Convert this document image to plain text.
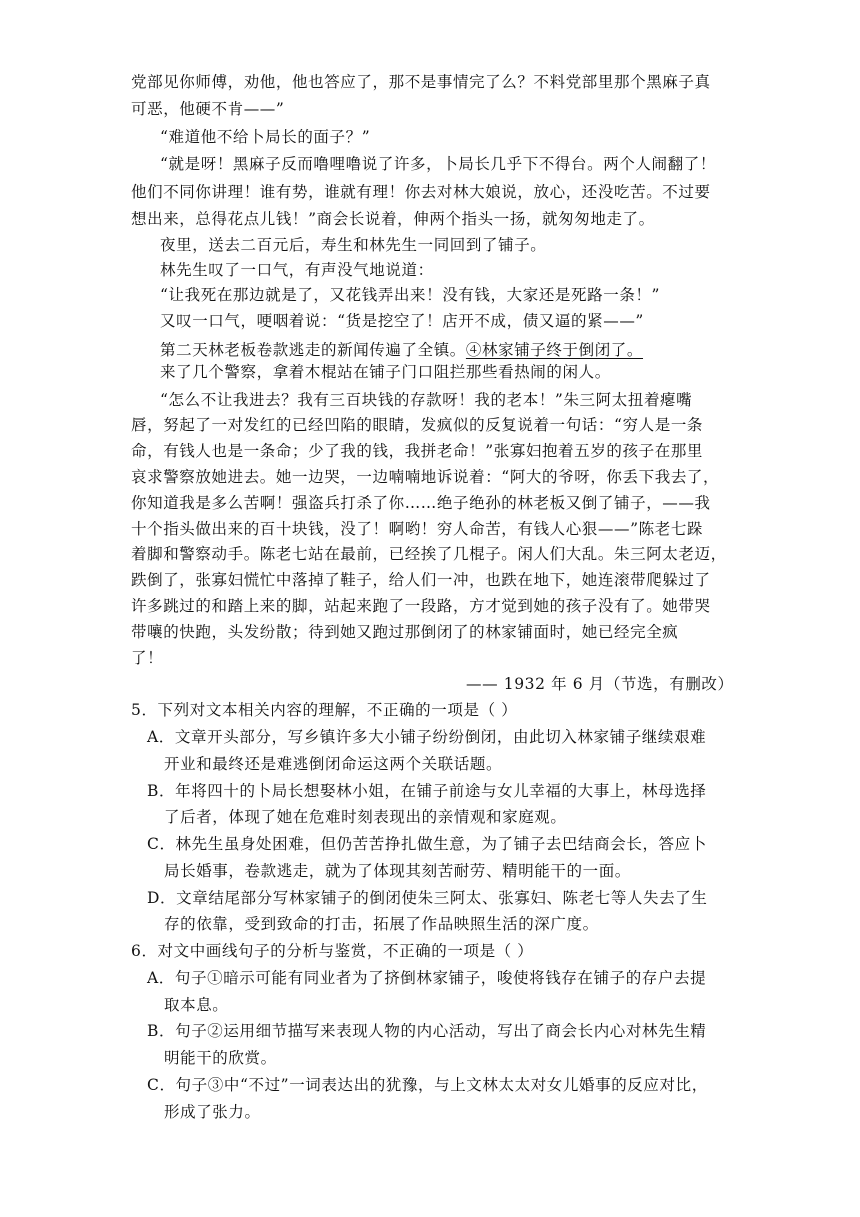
党部见你师傅，劝他，他也答应了，那不是事情完了么？不料党部里那个黑麻子真
可恶，他硬不肯——”
“难道他不给卜局长的面子？”
“就是呀！黑麻子反而噜哩噜说了许多，卜局长几乎下不得台。两个人闹翻了！
他们不同你讲理！谁有势，谁就有理！你去对林大娘说，放心，还没吃苦。不过要
想出来，总得花点儿钱！”商会长说着，伸两个指头一扬，就匆匆地走了。
夜里，送去二百元后，寿生和林先生一同回到了铺子。
林先生叹了一口气，有声没气地说道：
“让我死在那边就是了，又花钱弄出来！没有钱，大家还是死路一条！”
又叹一口气，哽咽着说：“货是挖空了！店开不成，债又逼的紧——”
第二天林老板卷款逃走的新闻传遍了全镇。④林家铺子终于倒闭了。
来了几个警察，拿着木棍站在铺子门口阻拦那些看热闹的闲人。
“怎么不让我进去？我有三百块钱的存款呀！我的老本！”朱三阿太扭着瘪嘴
唇，努起了一对发红的已经凹陷的眼睛，发疯似的反复说着一句话：“穷人是一条
命，有钱人也是一条命；少了我的钱，我拼老命！”张寡妇抱着五岁的孩子在那里
哀求警察放她进去。她一边哭，一边喃喃地诉说着：“阿大的爷呀，你丢下我去了，
你知道我是多么苦啊！强盗兵打杀了你……绝子绝孙的林老板又倒了铺子，——我
十个指头做出来的百十块钱，没了！啊哟！穷人命苦，有钱人心狠——”陈老七跺
着脚和警察动手。陈老七站在最前，已经挨了几棍子。闲人们大乱。朱三阿太老迈，
跌倒了，张寡妇慌忙中落掉了鞋子，给人们一冲，也跌在地下，她连滚带爬躲过了
许多跳过的和踏上来的脚，站起来跑了一段路，方才觉到她的孩子没有了。她带哭
带嚷的快跑，头发纷散；待到她又跑过那倒闭了的林家铺面时，她已经完全疯
了！
—— 1932 年 6 月（节选，有删改）
5．下列对文本相关内容的理解，不正确的一项是（ ）
A．文章开头部分，写乡镇许多大小铺子纷纷倒闭，由此切入林家铺子继续艰难
开业和最终还是难逃倒闭命运这两个关联话题。
B．年将四十的卜局长想娶林小姐，在铺子前途与女儿幸福的大事上，林母选择
了后者，体现了她在危难时刻表现出的亲情观和家庭观。
C．林先生虽身处困难，但仍苦苦挣扎做生意，为了铺子去巴结商会长，答应卜
局长婚事，卷款逃走，就为了体现其刻苦耐劳、精明能干的一面。
D．文章结尾部分写林家铺子的倒闭使朱三阿太、张寡妇、陈老七等人失去了生
存的依靠，受到致命的打击，拓展了作品映照生活的深广度。
6．对文中画线句子的分析与鉴赏，不正确的一项是（ ）
A．句子①暗示可能有同业者为了挤倒林家铺子，唆使将钱存在铺子的存户去提
取本息。
B．句子②运用细节描写来表现人物的内心活动，写出了商会长内心对林先生精
明能干的欣赏。
C．句子③中“不过”一词表达出的犹豫，与上文林太太对女儿婚事的反应对比，
形成了张力。
